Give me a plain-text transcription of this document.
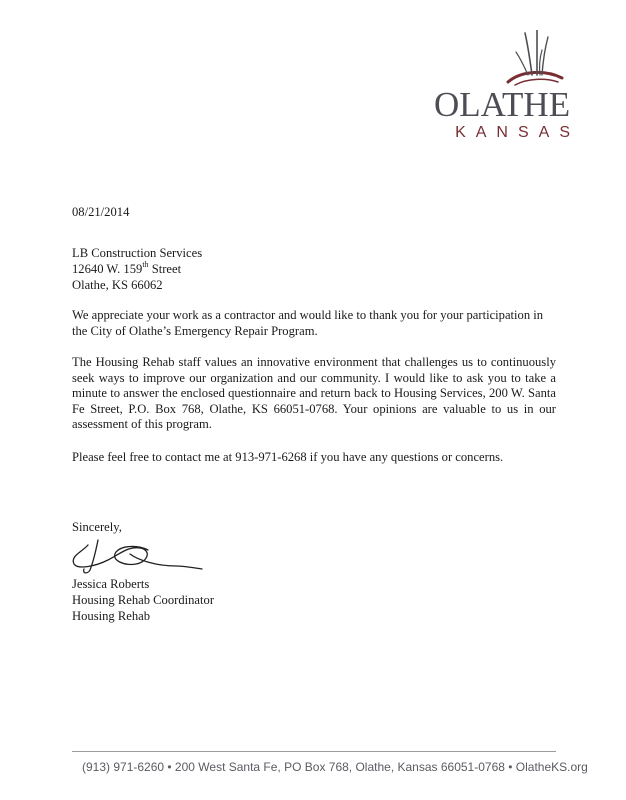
OLATHE
KANSAS
08/21/2014
LB Construction Services
12640 W. 159th Street
Olathe, KS 66062
We appreciate your work as a contractor and would like to thank you for your participation in the City of Olathe’s Emergency Repair Program.
The Housing Rehab staff values an innovative environment that challenges us to continuously seek ways to improve our organization and our community. I would like to ask you to take a minute to answer the enclosed questionnaire and return back to Housing Services, 200 W. Santa Fe Street, P.O. Box 768, Olathe, KS 66051-0768. Your opinions are valuable to us in our assessment of this program.
Please feel free to contact me at 913-971-6268 if you have any questions or concerns.
Sincerely,
Jessica Roberts
Housing Rehab Coordinator
Housing Rehab
(913) 971-6260 • 200 West Santa Fe, PO Box 768, Olathe, Kansas 66051-0768 • OlatheKS.org
